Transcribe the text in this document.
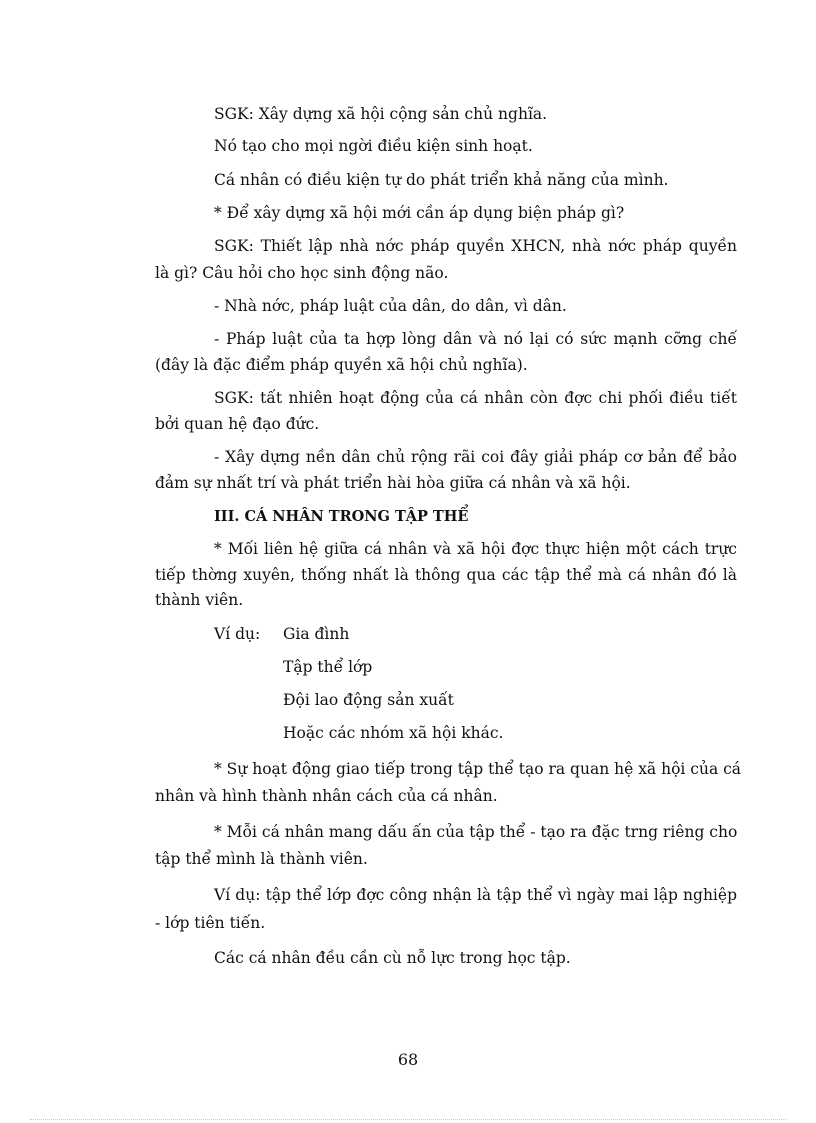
SGK: Xây dựng xã hội cộng sản chủ nghĩa.
Nó tạo cho mọi ngời điều kiện sinh hoạt.
Cá nhân có điều kiện tự do phát triển khả năng của mình.
* Để xây dựng xã hội mới cần áp dụng biện pháp gì?
SGK: Thiết lập nhà nớc pháp quyền XHCN, nhà nớc pháp quyền
là gì? Câu hỏi cho học sinh động não.
- Nhà nớc, pháp luật của dân, do dân, vì dân.
- Pháp luật của ta hợp lòng dân và nó lại có sức mạnh cỡng chế
(đây là đặc điểm pháp quyền xã hội chủ nghĩa).
SGK: tất nhiên hoạt động của cá nhân còn đợc chi phối điều tiết
bởi quan hệ đạo đức.
- Xây dựng nền dân chủ rộng rãi coi đây giải pháp cơ bản để bảo
đảm sự nhất trí và phát triển hài hòa giữa cá nhân và xã hội.
III. CÁ NHÂN TRONG TẬP THỂ
* Mối liên hệ giữa cá nhân và xã hội đợc thực hiện một cách trực
tiếp thờng xuyên, thống nhất là thông qua các tập thể mà cá nhân đó là
thành viên.
Ví dụ: Gia đình
Tập thể lớp
Đội lao động sản xuất
Hoặc các nhóm xã hội khác.
* Sự hoạt động giao tiếp trong tập thể tạo ra quan hệ xã hội của cá
nhân và hình thành nhân cách của cá nhân.
* Mỗi cá nhân mang dấu ấn của tập thể - tạo ra đặc trng riêng cho
tập thể mình là thành viên.
Ví dụ: tập thể lớp đợc công nhận là tập thể vì ngày mai lập nghiệp
- lớp tiên tiến.
Các cá nhân đều cần cù nỗ lực trong học tập.
68
